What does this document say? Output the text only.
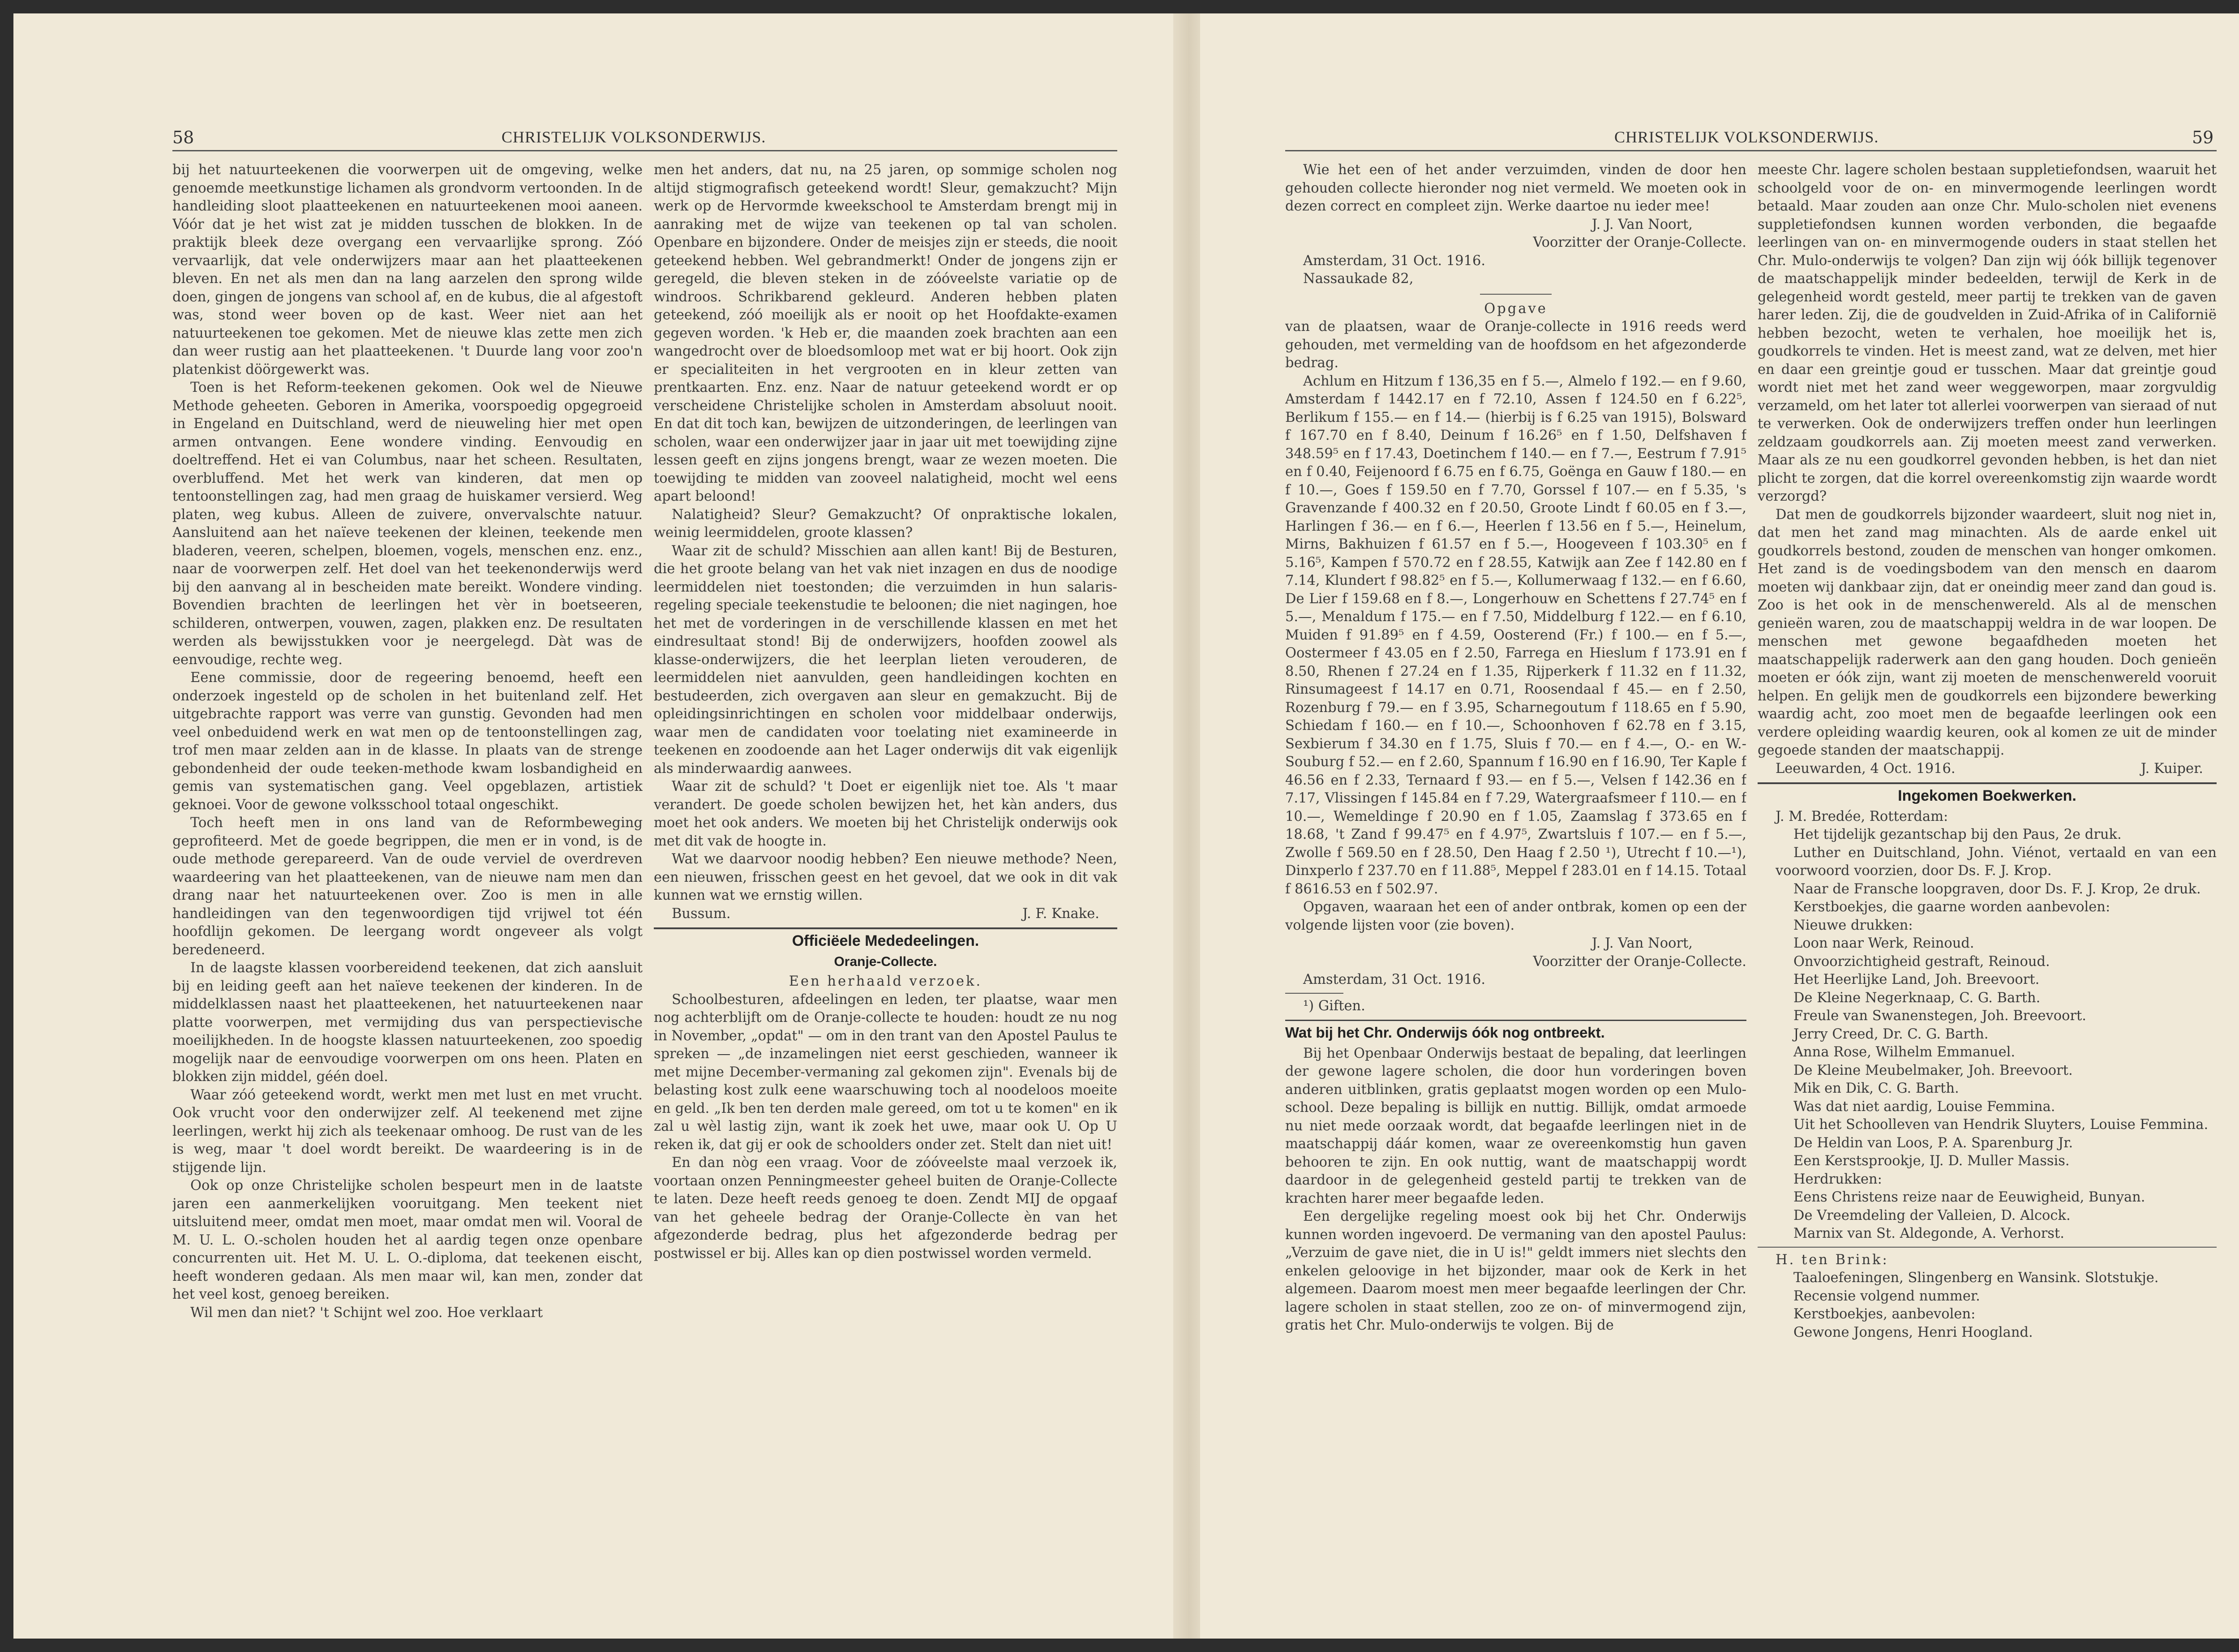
58	CHRISTELIJK VOLKSONDERWIJS.

bij het natuurteekenen die voorwerpen uit de omgeving, welke genoemde meetkunstige lichamen als grondvorm vertoonden. In de handleiding sloot plaatteekenen en natuurteekenen mooi aaneen. Vóór dat je het wist zat je midden tusschen de blokken. In de praktijk bleek deze overgang een vervaarlijke sprong. Zóó vervaarlijk, dat vele onderwijzers maar aan het plaatteekenen bleven. En net als men dan na lang aarzelen den sprong wilde doen, gingen de jongens van school af, en de kubus, die al afgestoft was, stond weer boven op de kast. Weer niet aan het natuurteekenen toe gekomen. Met de nieuwe klas zette men zich dan weer rustig aan het plaatteekenen. 't Duurde lang voor zoo'n platenkist döörgewerkt was.

Toen is het Reform-teekenen gekomen. Ook wel de Nieuwe Methode geheeten. Geboren in Amerika, voorspoedig opgegroeid in Engeland en Duitschland, werd de nieuweling hier met open armen ontvangen. Eene wondere vinding. Eenvoudig en doeltreffend. Het ei van Columbus, naar het scheen. Resultaten, overbluffend. Met het werk van kinderen, dat men op tentoonstellingen zag, had men graag de huiskamer versierd. Weg platen, weg kubus. Alleen de zuivere, onvervalschte natuur. Aansluitend aan het naïeve teekenen der kleinen, teekende men bladeren, veeren, schelpen, bloemen, vogels, menschen enz. enz., naar de voorwerpen zelf. Het doel van het teekenonderwijs werd bij den aanvang al in bescheiden mate bereikt. Wondere vinding. Bovendien brachten de leerlingen het vèr in boetseeren, schilderen, ontwerpen, vouwen, zagen, plakken enz. De resultaten werden als bewijsstukken voor je neergelegd. Dàt was de eenvoudige, rechte weg.

Eene commissie, door de regeering benoemd, heeft een onderzoek ingesteld op de scholen in het buitenland zelf. Het uitgebrachte rapport was verre van gunstig. Gevonden had men veel onbeduidend werk en wat men op de tentoonstellingen zag, trof men maar zelden aan in de klasse. In plaats van de strenge gebondenheid der oude teeken-methode kwam losbandigheid en gemis van systematischen gang. Veel opgeblazen, artistiek geknoei. Voor de gewone volksschool totaal ongeschikt.

Toch heeft men in ons land van de Reformbeweging geprofiteerd. Met de goede begrippen, die men er in vond, is de oude methode gerepareerd. Van de oude verviel de overdreven waardeering van het plaatteekenen, van de nieuwe nam men dan drang naar het natuurteekenen over. Zoo is men in alle handleidingen van den tegenwoordigen tijd vrijwel tot één hoofdlijn gekomen. De leergang wordt ongeveer als volgt beredeneerd.

In de laagste klassen voorbereidend teekenen, dat zich aansluit bij en leiding geeft aan het naïeve teekenen der kinderen. In de middelklassen naast het plaatteekenen, het natuurteekenen naar platte voorwerpen, met vermijding dus van perspectievische moeilijkheden. In de hoogste klassen natuurteekenen, zoo spoedig mogelijk naar de eenvoudige voorwerpen om ons heen. Platen en blokken zijn middel, géén doel.

Waar zóó geteekend wordt, werkt men met lust en met vrucht. Ook vrucht voor den onderwijzer zelf. Al teekenend met zijne leerlingen, werkt hij zich als teekenaar omhoog. De rust van de les is weg, maar 't doel wordt bereikt. De waardeering is in de stijgende lijn.

Ook op onze Christelijke scholen bespeurt men in de laatste jaren een aanmerkelijken vooruitgang. Men teekent niet uitsluitend meer, omdat men moet, maar omdat men wil. Vooral de M. U. L. O.-scholen houden het al aardig tegen onze openbare concurrenten uit. Het M. U. L. O.-diploma, dat teekenen eischt, heeft wonderen gedaan. Als men maar wil, kan men, zonder dat het veel kost, genoeg bereiken.

Wil men dan niet? 't Schijnt wel zoo. Hoe verklaart

men het anders, dat nu, na 25 jaren, op sommige scholen nog altijd stigmografisch geteekend wordt! Sleur, gemakzucht? Mijn werk op de Hervormde kweekschool te Amsterdam brengt mij in aanraking met de wijze van teekenen op tal van scholen. Openbare en bijzondere. Onder de meisjes zijn er steeds, die nooit geteekend hebben. Wel gebrandmerkt! Onder de jongens zijn er geregeld, die bleven steken in de zóóveelste variatie op de windroos. Schrikbarend gekleurd. Anderen hebben platen geteekend, zóó moeilijk als er nooit op het Hoofdakte-examen gegeven worden. 'k Heb er, die maanden zoek brachten aan een wangedrocht over de bloedsomloop met wat er bij hoort. Ook zijn er specialiteiten in het vergrooten en in kleur zetten van prentkaarten. Enz. enz. Naar de natuur geteekend wordt er op verscheidene Christelijke scholen in Amsterdam absoluut nooit. En dat dit toch kan, bewijzen de uitzonderingen, de leerlingen van scholen, waar een onderwijzer jaar in jaar uit met toewijding zijne lessen geeft en zijns jongens brengt, waar ze wezen moeten. Die toewijding te midden van zooveel nalatigheid, mocht wel eens apart beloond!

Nalatigheid? Sleur? Gemakzucht? Of onpraktische lokalen, weinig leermiddelen, groote klassen?

Waar zit de schuld? Misschien aan allen kant! Bij de Besturen, die het groote belang van het vak niet inzagen en dus de noodige leermiddelen niet toestonden; die verzuimden in hun salaris-regeling speciale teekenstudie te beloonen; die niet nagingen, hoe het met de vorderingen in de verschillende klassen en met het eindresultaat stond! Bij de onderwijzers, hoofden zoowel als klasse-onderwijzers, die het leerplan lieten verouderen, de leermiddelen niet aanvulden, geen handleidingen kochten en bestudeerden, zich overgaven aan sleur en gemakzucht. Bij de opleidingsinrichtingen en scholen voor middelbaar onderwijs, waar men de candidaten voor toelating niet examineerde in teekenen en zoodoende aan het Lager onderwijs dit vak eigenlijk als minderwaardig aanwees.

Waar zit de schuld? 't Doet er eigenlijk niet toe. Als 't maar verandert. De goede scholen bewijzen het, het kàn anders, dus moet het ook anders. We moeten bij het Christelijk onderwijs ook met dit vak de hoogte in.

Wat we daarvoor noodig hebben? Een nieuwe methode? Neen, een nieuwen, frisschen geest en het gevoel, dat we ook in dit vak kunnen wat we ernstig willen.

Bussum.	J. F. Knake.
Officiëele Mededeelingen.
Oranje-Collecte.

Een herhaald verzoek.

Schoolbesturen, afdeelingen en leden, ter plaatse, waar men nog achterblijft om de Oranje-collecte te houden: houdt ze nu nog in November, „opdat" — om in den trant van den Apostel Paulus te spreken — „de inzamelingen niet eerst geschieden, wanneer ik met mijne December-vermaning zal gekomen zijn". Evenals bij de belasting kost zulk eene waarschuwing toch al noodeloos moeite en geld. „Ik ben ten derden male gereed, om tot u te komen" en ik zal u wèl lastig zijn, want ik zoek het uwe, maar ook U. Op U reken ik, dat gij er ook de schoolders onder zet. Stelt dan niet uit!

En dan nòg een vraag. Voor de zóóveelste maal verzoek ik, voortaan onzen Penningmeester geheel buiten de Oranje-Collecte te laten. Deze heeft reeds genoeg te doen. Zendt MIJ de opgaaf van het geheele bedrag der Oranje-Collecte èn van het afgezonderde bedrag, plus het afgezonderde bedrag per postwissel er bij. Alles kan op dien postwissel worden vermeld.

CHRISTELIJK VOLKSONDERWIJS.	59

Wie het een of het ander verzuimden, vinden de door hen gehouden collecte hieronder nog niet vermeld. We moeten ook in dezen correct en compleet zijn. Werke daartoe nu ieder mee!

J. J. Van Noort,

Voorzitter der Oranje-Collecte.

Amsterdam, 31 Oct. 1916.

Nassaukade 82,

Opgave

van de plaatsen, waar de Oranje-collecte in 1916 reeds werd gehouden, met vermelding van de hoofdsom en het afgezonderde bedrag.

Achlum en Hitzum f 136,35 en f 5.—, Almelo f 192.— en f 9.60, Amsterdam f 1442.17 en f 72.10, Assen f 124.50 en f 6.22⁵, Berlikum f 155.— en f 14.— (hierbij is f 6.25 van 1915), Bolsward f 167.70 en f 8.40, Deinum f 16.26⁵ en f 1.50, Delfshaven f 348.59⁵ en f 17.43, Doetinchem f 140.— en f 7.—, Eestrum f 7.91⁵ en f 0.40, Feijenoord f 6.75 en f 6.75, Goënga en Gauw f 180.— en f 10.—, Goes f 159.50 en f 7.70, Gorssel f 107.— en f 5.35, 's Gravenzande f 400.32 en f 20.50, Groote Lindt f 60.05 en f 3.—, Harlingen f 36.— en f 6.—, Heerlen f 13.56 en f 5.—, Heinelum, Mirns, Bakhuizen f 61.57 en f 5.—, Hoogeveen f 103.30⁵ en f 5.16⁵, Kampen f 570.72 en f 28.55, Katwijk aan Zee f 142.80 en f 7.14, Klundert f 98.82⁵ en f 5.—, Kollumerwaag f 132.— en f 6.60, De Lier f 159.68 en f 8.—, Longerhouw en Schettens f 27.74⁵ en f 5.—, Menaldum f 175.— en f 7.50, Middelburg f 122.— en f 6.10, Muiden f 91.89⁵ en f 4.59, Oosterend (Fr.) f 100.— en f 5.—, Oostermeer f 43.05 en f 2.50, Farrega en Hieslum f 173.91 en f 8.50, Rhenen f 27.24 en f 1.35, Rijperkerk f 11.32 en f 11.32, Rinsumageest f 14.17 en 0.71, Roosendaal f 45.— en f 2.50, Rozenburg f 79.— en f 3.95, Scharnegoutum f 118.65 en f 5.90, Schiedam f 160.— en f 10.—, Schoonhoven f 62.78 en f 3.15, Sexbierum f 34.30 en f 1.75, Sluis f 70.— en f 4.—, O.- en W.-Souburg f 52.— en f 2.60, Spannum f 16.90 en f 16.90, Ter Kaple f 46.56 en f 2.33, Ternaard f 93.— en f 5.—, Velsen f 142.36 en f 7.17, Vlissingen f 145.84 en f 7.29, Watergraafsmeer f 110.— en f 10.—, Wemeldinge f 20.90 en f 1.05, Zaamslag f 373.65 en f 18.68, 't Zand f 99.47⁵ en f 4.97⁵, Zwartsluis f 107.— en f 5.—, Zwolle f 569.50 en f 28.50, Den Haag f 2.50 ¹), Utrecht f 10.—¹), Dinxperlo f 237.70 en f 11.88⁵, Meppel f 283.01 en f 14.15. Totaal f 8616.53 en f 502.97.

Opgaven, waaraan het een of ander ontbrak, komen op een der volgende lijsten voor (zie boven).

J. J. Van Noort,

Voorzitter der Oranje-Collecte.

Amsterdam, 31 Oct. 1916.

¹) Giften.

Wat bij het Chr. Onderwijs óók nog ontbreekt.

Bij het Openbaar Onderwijs bestaat de bepaling, dat leerlingen der gewone lagere scholen, die door hun vorderingen boven anderen uitblinken, gratis geplaatst mogen worden op een Mulo-school. Deze bepaling is billijk en nuttig. Billijk, omdat armoede nu niet mede oorzaak wordt, dat begaafde leerlingen niet in de maatschappij dáár komen, waar ze overeenkomstig hun gaven behooren te zijn. En ook nuttig, want de maatschappij wordt daardoor in de gelegenheid gesteld partij te trekken van de krachten harer meer begaafde leden.

Een dergelijke regeling moest ook bij het Chr. Onderwijs kunnen worden ingevoerd. De vermaning van den apostel Paulus: „Verzuim de gave niet, die in U is!" geldt immers niet slechts den enkelen geloovige in het bijzonder, maar ook de Kerk in het algemeen. Daarom moest men meer begaafde leerlingen der Chr. lagere scholen in staat stellen, zoo ze on- of minvermogend zijn, gratis het Chr. Mulo-onderwijs te volgen. Bij de

meeste Chr. lagere scholen bestaan suppletiefondsen, waaruit het schoolgeld voor de on- en minvermogende leerlingen wordt betaald. Maar zouden aan onze Chr. Mulo-scholen niet evenens suppletiefondsen kunnen worden verbonden, die begaafde leerlingen van on- en minvermogende ouders in staat stellen het Chr. Mulo-onderwijs te volgen? Dan zijn wij óók billijk tegenover de maatschappelijk minder bedeelden, terwijl de Kerk in de gelegenheid wordt gesteld, meer partij te trekken van de gaven harer leden. Zij, die de goudvelden in Zuid-Afrika of in Californië hebben bezocht, weten te verhalen, hoe moeilijk het is, goudkorrels te vinden. Het is meest zand, wat ze delven, met hier en daar een greintje goud er tusschen. Maar dat greintje goud wordt niet met het zand weer weggeworpen, maar zorgvuldig verzameld, om het later tot allerlei voorwerpen van sieraad of nut te verwerken. Ook de onderwijzers treffen onder hun leerlingen zeldzaam goudkorrels aan. Zij moeten meest zand verwerken. Maar als ze nu een goudkorrel gevonden hebben, is het dan niet plicht te zorgen, dat die korrel overeenkomstig zijn waarde wordt verzorgd?

Dat men de goudkorrels bijzonder waardeert, sluit nog niet in, dat men het zand mag minachten. Als de aarde enkel uit goudkorrels bestond, zouden de menschen van honger omkomen. Het zand is de voedingsbodem van den mensch en daarom moeten wij dankbaar zijn, dat er oneindig meer zand dan goud is. Zoo is het ook in de menschenwereld. Als al de menschen genieën waren, zou de maatschappij weldra in de war loopen. De menschen met gewone begaafdheden moeten het maatschappelijk raderwerk aan den gang houden. Doch genieën moeten er óók zijn, want zij moeten de menschenwereld vooruit helpen. En gelijk men de goudkorrels een bijzondere bewerking waardig acht, zoo moet men de begaafde leerlingen ook een verdere opleiding waardig keuren, ook al komen ze uit de minder gegoede standen der maatschappij.

Leeuwarden, 4 Oct. 1916.	J. Kuiper.
Ingekomen Boekwerken.

J. M. Bredée, Rotterdam:

Het tijdelijk gezantschap bij den Paus, 2e druk.

Luther en Duitschland, John. Viénot, vertaald en van een voorwoord voorzien, door Ds. F. J. Krop.

Naar de Fransche loopgraven, door Ds. F. J. Krop, 2e druk.

Kerstboekjes, die gaarne worden aanbevolen:

Nieuwe drukken:

Loon naar Werk, Reinoud.

Onvoorzichtigheid gestraft, Reinoud.

Het Heerlijke Land, Joh. Breevoort.

De Kleine Negerknaap, C. G. Barth.

Freule van Swanenstegen, Joh. Breevoort.

Jerry Creed, Dr. C. G. Barth.

Anna Rose, Wilhelm Emmanuel.

De Kleine Meubelmaker, Joh. Breevoort.

Mik en Dik, C. G. Barth.

Was dat niet aardig, Louise Femmina.

Uit het Schoolleven van Hendrik Sluyters, Louise Femmina.

De Heldin van Loos, P. A. Sparenburg Jr.

Een Kerstsprookje, IJ. D. Muller Massis.

Herdrukken:

Eens Christens reize naar de Eeuwigheid, Bunyan.

De Vreemdeling der Valleien, D. Alcock.

Marnix van St. Aldegonde, A. Verhorst.

H. ten Brink:

Taaloefeningen, Slingenberg en Wansink. Slotstukje.

Recensie volgend nummer.

Kerstboekjes, aanbevolen:

Gewone Jongens, Henri Hoogland.
